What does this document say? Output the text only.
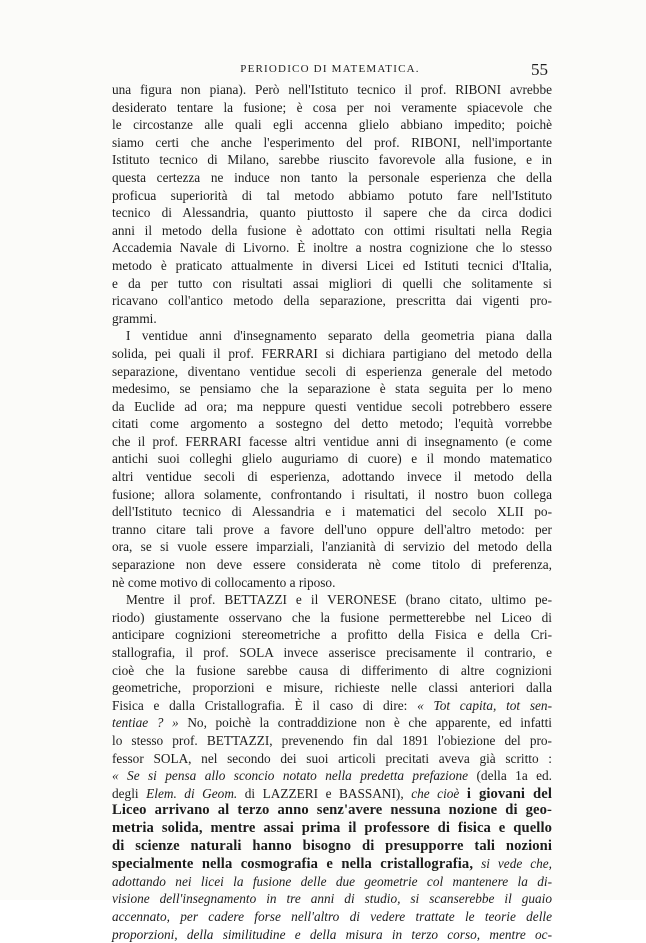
PERIODICO DI MATEMATICA.	55
una figura non piana). Però nell'Istituto tecnico il prof. RIBONI avrebbe
desiderato tentare la fusione; è cosa per noi veramente spiacevole che
le circostanze alle quali egli accenna glielo abbiano impedito; poichè
siamo certi che anche l'esperimento del prof. RIBONI, nell'importante
Istituto tecnico di Milano, sarebbe riuscito favorevole alla fusione, e in
questa certezza ne induce non tanto la personale esperienza che della
proficua superiorità di tal metodo abbiamo potuto fare nell'Istituto
tecnico di Alessandria, quanto piuttosto il sapere che da circa dodici
anni il metodo della fusione è adottato con ottimi risultati nella Regia
Accademia Navale di Livorno. È inoltre a nostra cognizione che lo stesso
metodo è praticato attualmente in diversi Licei ed Istituti tecnici d'Italia,
e da per tutto con risultati assai migliori di quelli che solitamente si
ricavano coll'antico metodo della separazione, prescritta dai vigenti pro-
grammi.
I ventidue anni d'insegnamento separato della geometria piana dalla
solida, pei quali il prof. FERRARI si dichiara partigiano del metodo della
separazione, diventano ventidue secoli di esperienza generale del metodo
medesimo, se pensiamo che la separazione è stata seguita per lo meno
da Euclide ad ora; ma neppure questi ventidue secoli potrebbero essere
citati come argomento a sostegno del detto metodo; l'equità vorrebbe
che il prof. FERRARI facesse altri ventidue anni di insegnamento (e come
antichi suoi colleghi glielo auguriamo di cuore) e il mondo matematico
altri ventidue secoli di esperienza, adottando invece il metodo della
fusione; allora solamente, confrontando i risultati, il nostro buon collega
dell'Istituto tecnico di Alessandria e i matematici del secolo XLII po-
tranno citare tali prove a favore dell'uno oppure dell'altro metodo: per
ora, se si vuole essere imparziali, l'anzianità di servizio del metodo della
separazione non deve essere considerata nè come titolo di preferenza,
nè come motivo di collocamento a riposo.
Mentre il prof. BETTAZZI e il VERONESE (brano citato, ultimo pe-
riodo) giustamente osservano che la fusione permetterebbe nel Liceo di
anticipare cognizioni stereometriche a profitto della Fisica e della Cri-
stallografia, il prof. SOLA invece asserisce precisamente il contrario, e
cioè che la fusione sarebbe causa di differimento di altre cognizioni
geometriche, proporzioni e misure, richieste nelle classi anteriori dalla
Fisica e dalla Cristallografia. È il caso di dire: « Tot capita, tot sen-
tentiae ? » No, poichè la contraddizione non è che apparente, ed infatti
lo stesso prof. BETTAZZI, prevenendo fin dal 1891 l'obiezione del pro-
fessor SOLA, nel secondo dei suoi articoli precitati aveva già scritto :
« Se si pensa allo sconcio notato nella predetta prefazione (della 1a ed.
degli Elem. di Geom. di LAZZERI e BASSANI), che cioè i giovani del
Liceo arrivano al terzo anno senz'avere nessuna nozione di geo-
metria solida, mentre assai prima il professore di fisica e quello
di scienze naturali hanno bisogno di presupporre tali nozioni
specialmente nella cosmografia e nella cristallografia, si vede che,
adottando nei licei la fusione delle due geometrie col mantenere la di-
visione dell'insegnamento in tre anni di studio, si scanserebbe il guaio
accennato, per cadere forse nell'altro di vedere trattate le teorie delle
proporzioni, della similitudine e della misura in terzo corso, mentre oc-
